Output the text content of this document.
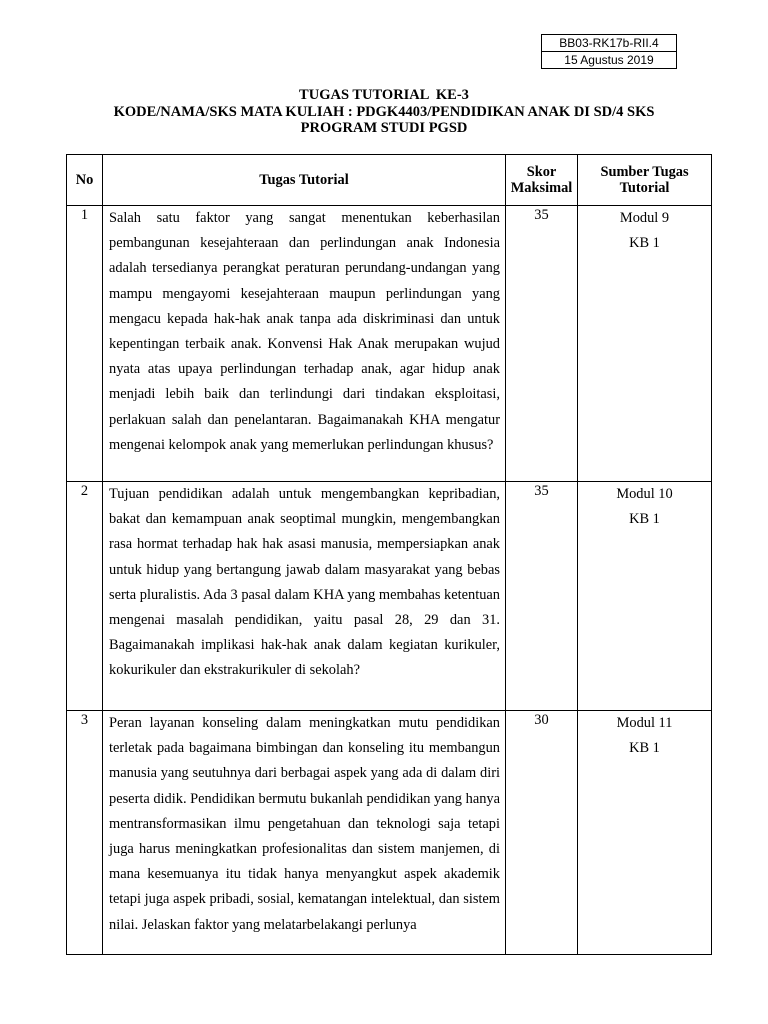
BB03-RK17b-RII.4
15 Agustus 2019
TUGAS TUTORIAL  KE-3
KODE/NAMA/SKS MATA KULIAH : PDGK4403/PENDIDIKAN ANAK DI SD/4 SKS
PROGRAM STUDI PGSD
No	Tugas Tutorial	Skor Maksimal	Sumber Tugas Tutorial
1	Salah satu faktor yang sangat menentukan keberhasilan pembangunan kesejahteraan dan perlindungan anak Indonesia adalah tersedianya perangkat peraturan perundang-undangan yang mampu mengayomi kesejahteraan maupun perlindungan yang mengacu kepada hak-hak anak tanpa ada diskriminasi dan untuk kepentingan terbaik anak. Konvensi Hak Anak merupakan wujud nyata atas upaya perlindungan terhadap anak, agar hidup anak menjadi lebih baik dan terlindungi dari tindakan eksploitasi, perlakuan salah dan penelantaran. Bagaimanakah KHA mengatur mengenai kelompok anak yang memerlukan perlindungan khusus?	35	Modul 9
KB 1

2	Tujuan pendidikan adalah untuk mengembangkan kepribadian, bakat dan kemampuan anak seoptimal mungkin, mengembangkan rasa hormat terhadap hak hak asasi manusia, mempersiapkan anak untuk hidup yang bertangung jawab dalam masyarakat yang bebas serta pluralistis. Ada 3 pasal dalam KHA yang membahas ketentuan mengenai masalah pendidikan, yaitu pasal 28, 29 dan 31. Bagaimanakah implikasi hak-hak anak dalam kegiatan kurikuler, kokurikuler dan ekstrakurikuler di sekolah?	35	Modul 10
KB 1

3	Peran layanan konseling dalam meningkatkan mutu pendidikan terletak pada bagaimana bimbingan dan konseling itu membangun manusia yang seutuhnya dari berbagai aspek yang ada di dalam diri peserta didik. Pendidikan bermutu bukanlah pendidikan yang hanya mentransformasikan ilmu pengetahuan dan teknologi saja tetapi juga harus meningkatkan profesionalitas dan sistem manjemen, di mana kesemuanya itu tidak hanya menyangkut aspek akademik tetapi juga aspek pribadi, sosial, kematangan intelektual, dan sistem nilai. Jelaskan faktor yang melatarbelakangi perlunya	30	Modul 11
KB 1
